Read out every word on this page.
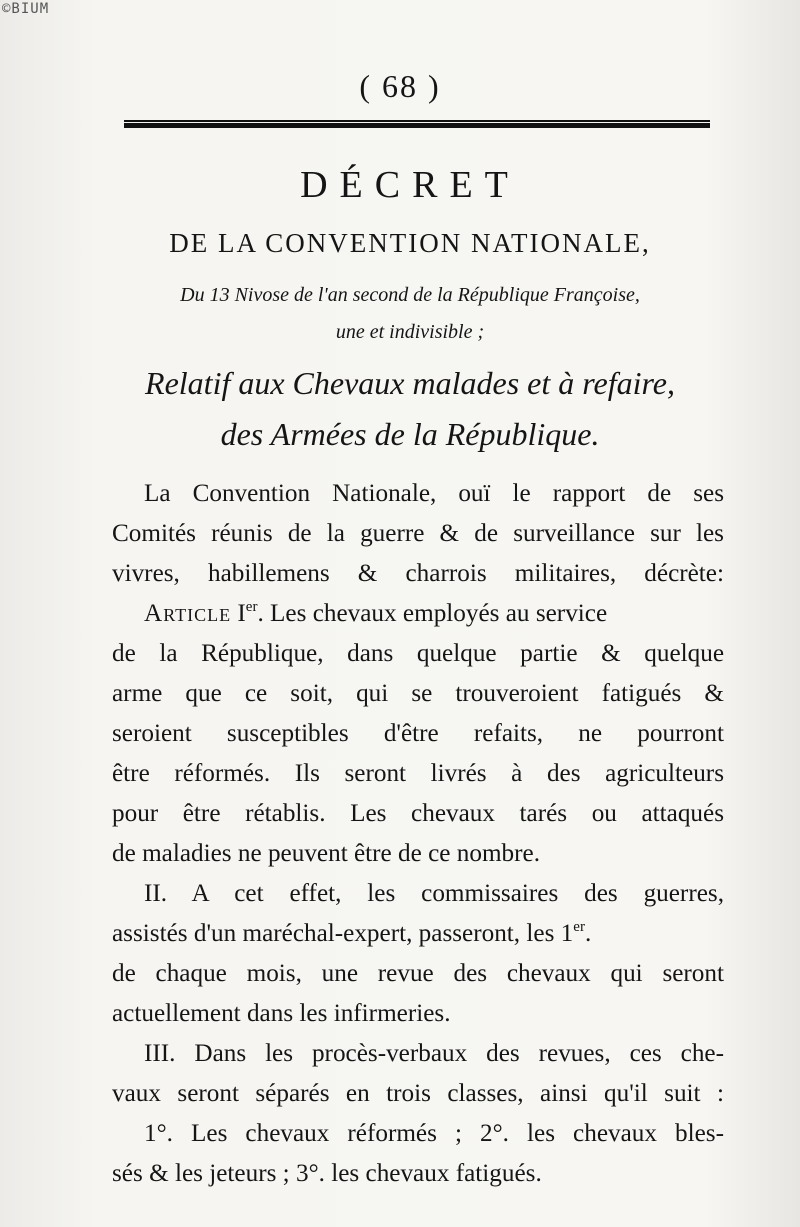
©BIUM
( 68 )
DÉCRET
DE LA CONVENTION NATIONALE,
Du 13 Nivose de l'an second de la République Françoise,
une et indivisible ;
Relatif aux Chevaux malades et à refaire,
des Armées de la République.
La Convention Nationale, ouï le rapport de ses
Comités réunis de la guerre & de surveillance sur les
vivres, habillemens & charrois militaires, décrète:
Article Ier. Les chevaux employés au service
de la République, dans quelque partie & quelque
arme que ce soit, qui se trouveroient fatigués &
seroient susceptibles d'être refaits, ne pourront
être réformés. Ils seront livrés à des agriculteurs
pour être rétablis. Les chevaux tarés ou attaqués
de maladies ne peuvent être de ce nombre.
II. A cet effet, les commissaires des guerres,
assistés d'un maréchal-expert, passeront, les 1er.
de chaque mois, une revue des chevaux qui seront
actuellement dans les infirmeries.
III. Dans les procès-verbaux des revues, ces che-
vaux seront séparés en trois classes, ainsi qu'il suit :
1°. Les chevaux réformés ; 2°. les chevaux bles-
sés & les jeteurs ; 3°. les chevaux fatigués.
